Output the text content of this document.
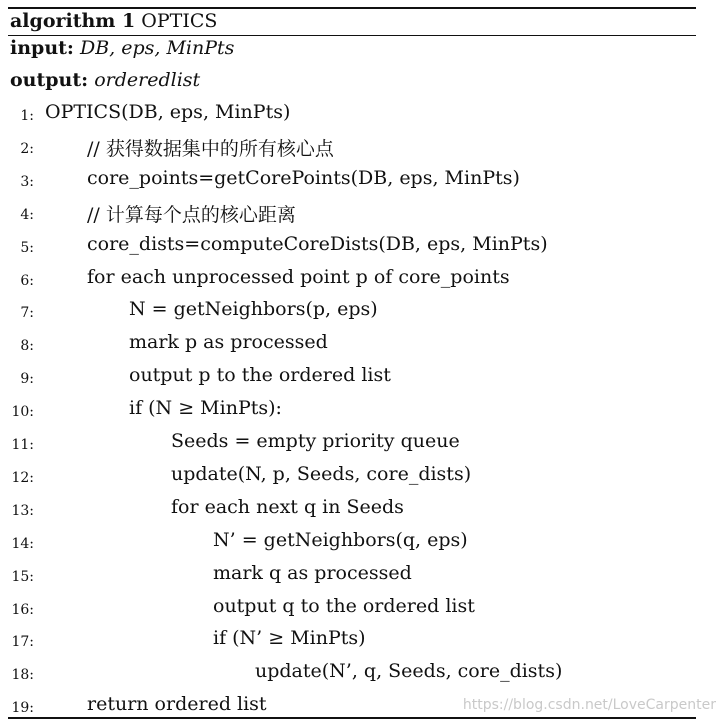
algorithm 1 OPTICS
input: DB, eps, MinPts
output: orderedlist
1: OPTICS(DB, eps, MinPts)
2:	// 获得数据集中的所有核心点
3:	core_points=getCorePoints(DB, eps, MinPts)
4:	// 计算每个点的核心距离
5:	core_dists=computeCoreDists(DB, eps, MinPts)
6:	for each unprocessed point p of core_points
7:	N = getNeighbors(p, eps)
8:	mark p as processed
9:	output p to the ordered list
10:	if (N ≥ MinPts):
11:	Seeds = empty priority queue
12:	update(N, p, Seeds, core_dists)
13:	for each next q in Seeds
14:	N’ = getNeighbors(q, eps)
15:	mark q as processed
16:	output q to the ordered list
17:	if (N’ ≥ MinPts)
18:	update(N’, q, Seeds, core_dists)
19:	return ordered list	https://blog.csdn.net/LoveCarpenter
